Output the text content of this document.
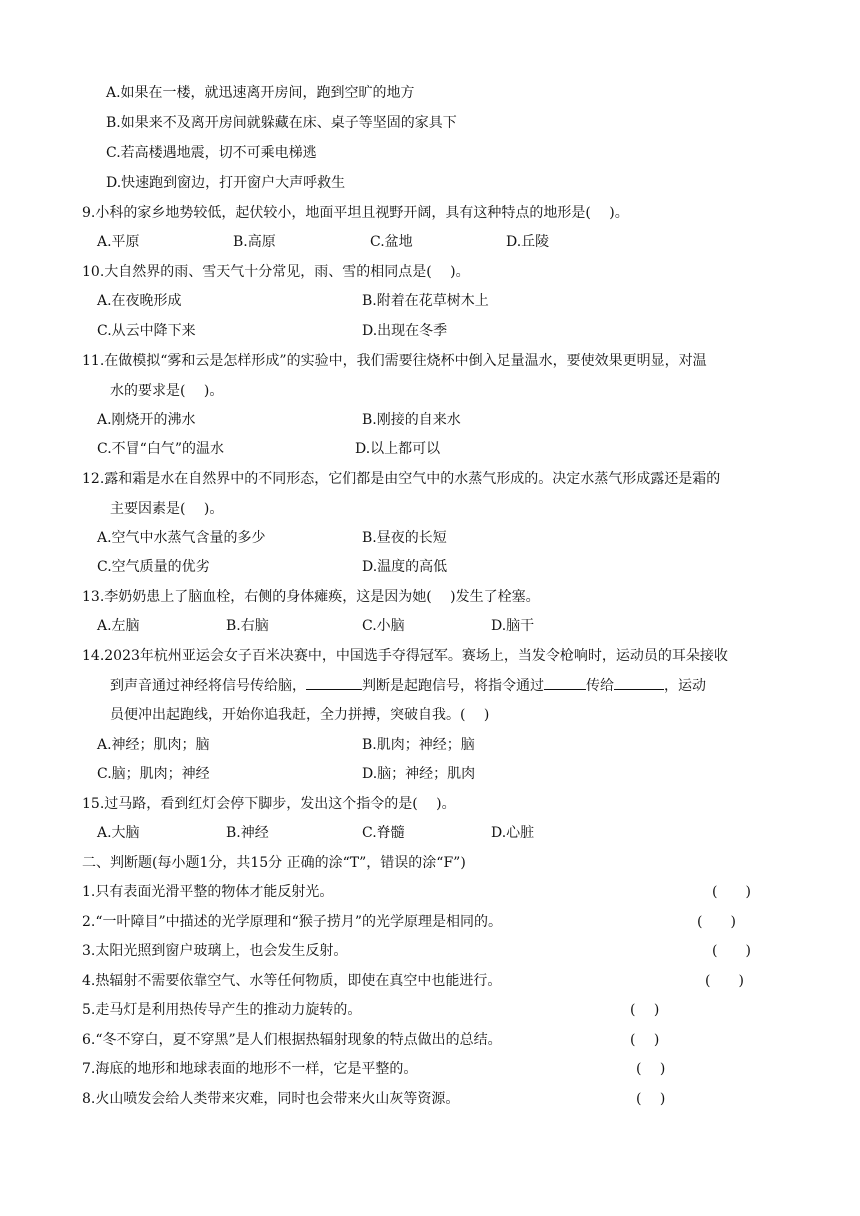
A.如果在一楼，就迅速离开房间，跑到空旷的地方
B.如果来不及离开房间就躲藏在床、桌子等坚固的家具下
C.若高楼遇地震，切不可乘电梯逃
D.快速跑到窗边，打开窗户大声呼救生
9.小科的家乡地势较低，起伏较小，地面平坦且视野开阔，具有这种特点的地形是(　 )。
A.平原	B.高原	C.盆地	D.丘陵
10.大自然界的雨、雪天气十分常见，雨、雪的相同点是(　 )。
A.在夜晚形成	B.附着在花草树木上
C.从云中降下来	D.出现在冬季
11.在做模拟“雾和云是怎样形成”的实验中，我们需要往烧杯中倒入足量温水，要使效果更明显，对温
水的要求是(　 )。
A.刚烧开的沸水	B.刚接的自来水
C.不冒“白气”的温水	D.以上都可以
12.露和霜是水在自然界中的不同形态，它们都是由空气中的水蒸气形成的。决定水蒸气形成露还是霜的
主要因素是(　 )。
A.空气中水蒸气含量的多少	B.昼夜的长短
C.空气质量的优劣	D.温度的高低
13.李奶奶患上了脑血栓，右侧的身体瘫痪，这是因为她(　 )发生了栓塞。
A.左脑	B.右脑	C.小脑	D.脑干
14.2023年杭州亚运会女子百米决赛中，中国选手夺得冠军。赛场上，当发令枪响时，运动员的耳朵接收
到声音通过神经将信号传给脑，	判断是起跑信号，将指令通过	传给	，运动
员便冲出起跑线，开始你追我赶，全力拼搏，突破自我。(　 )
A.神经；肌肉；脑	B.肌肉；神经；脑
C.脑；肌肉；神经	D.脑；神经；肌肉
15.过马路，看到红灯会停下脚步，发出这个指令的是(　 )。
A.大脑	B.神经	C.脊髓	D.心脏
二、判断题(每小题1分，共15分 正确的涂“T”，错误的涂“F”)
1.只有表面光滑平整的物体才能反射光。	(　　)
2.“一叶障目”中描述的光学原理和“猴子捞月”的光学原理是相同的。	(　　)
3.太阳光照到窗户玻璃上，也会发生反射。	(　　)
4.热辐射不需要依靠空气、水等任何物质，即使在真空中也能进行。	(　　)
5.走马灯是利用热传导产生的推动力旋转的。	(　 )
6.“冬不穿白，夏不穿黑”是人们根据热辐射现象的特点做出的总结。	(　 )
7.海底的地形和地球表面的地形不一样，它是平整的。	(　 )
8.火山喷发会给人类带来灾难，同时也会带来火山灰等资源。	(　 )
